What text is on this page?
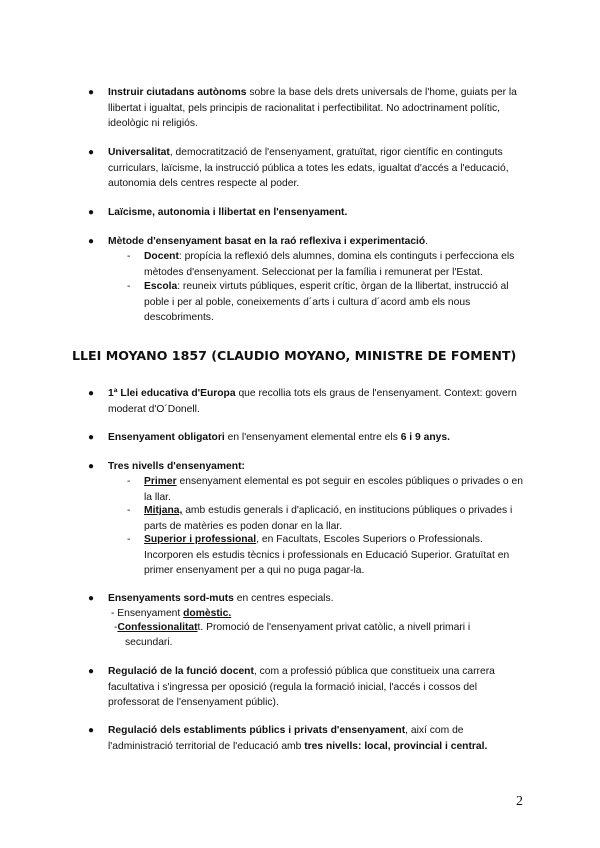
● Instruir ciutadans autònoms sobre la base dels drets universals de l'home, guiats per la llibertat i igualtat, pels principis de racionalitat i perfectibilitat. No adoctrinament polític, ideològic ni religiós.
● Universalitat, democratització de l'ensenyament, gratuïtat, rigor científic en continguts curriculars, laïcisme, la instrucció pública a totes les edats, igualtat d'accés a l'educació, autonomia dels centres respecte al poder.
● Laïcisme, autonomia i llibertat en l'ensenyament.
● Mètode d'ensenyament basat en la raó reflexiva i experimentació.
- Docent: propícia la reflexió dels alumnes, domina els continguts i perfecciona els mètodes d'ensenyament. Seleccionat per la família i remunerat per l'Estat.
- Escola: reuneix virtuts públiques, esperit crític, òrgan de la llibertat, instrucció al poble i per al poble, coneixements d´arts i cultura d´acord amb els nous descobriments.
LLEI MOYANO 1857 (CLAUDIO MOYANO, MINISTRE DE FOMENT)
● 1ª Llei educativa d'Europa que recollia tots els graus de l'ensenyament. Context: govern moderat d'O´Donell.
● Ensenyament obligatori en l'ensenyament elemental entre els 6 i 9 anys.
● Tres nivells d'ensenyament:
- Primer ensenyament elemental es pot seguir en escoles públiques o privades o en la llar.
- Mitjana, amb estudis generals i d'aplicació, en institucions públiques o privades i parts de matèries es poden donar en la llar.
- Superior i professional, en Facultats, Escoles Superiors o Professionals. Incorporen els estudis tècnics i professionals en Educació Superior. Gratuïtat en primer ensenyament per a qui no puga pagar-la.
● Ensenyaments sord-muts en centres especials.
- Ensenyament domèstic.
-Confessionalitatt. Promoció de l'ensenyament privat catòlic, a nivell primari i
secundari.
● Regulació de la funció docent, com a professió pública que constitueix una carrera facultativa i s'ingressa per oposició (regula la formació inicial, l'accés i cossos del professorat de l'ensenyament públic).
● Regulació dels establiments públics i privats d'ensenyament, així com de l'administració territorial de l'educació amb tres nivells: local, provincial i central.
2
